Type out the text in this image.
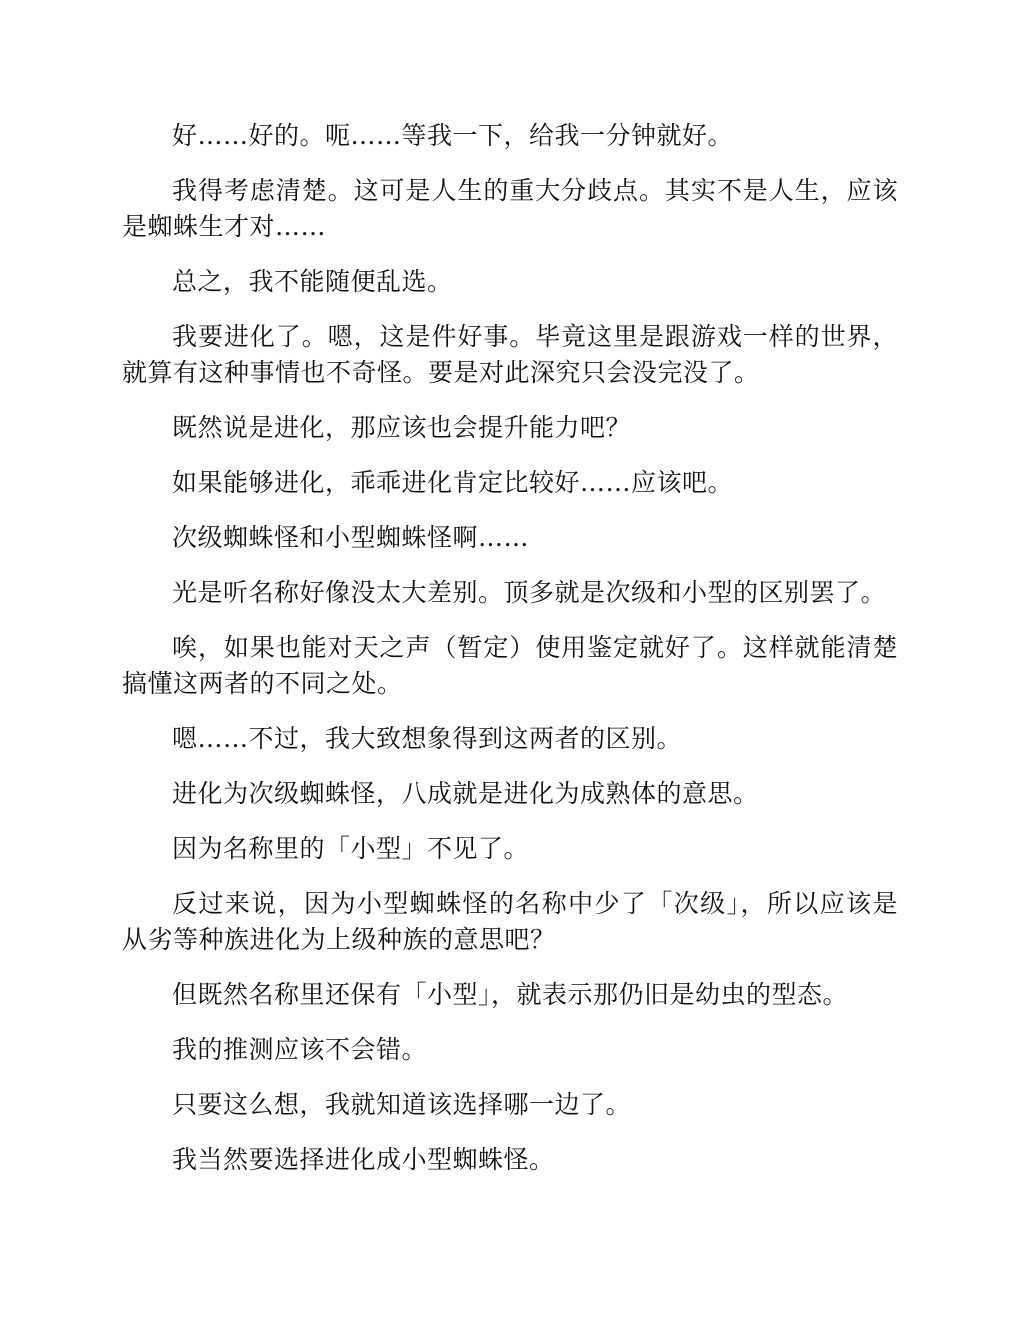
好……好的。呃……等我一下，给我一分钟就好。

我得考虑清楚。这可是人生的重大分歧点。其实不是人生，应该是蜘蛛生才对……

总之，我不能随便乱选。

我要进化了。嗯，这是件好事。毕竟这里是跟游戏一样的世界，就算有这种事情也不奇怪。要是对此深究只会没完没了。

既然说是进化，那应该也会提升能力吧？

如果能够进化，乖乖进化肯定比较好……应该吧。

次级蜘蛛怪和小型蜘蛛怪啊……

光是听名称好像没太大差别。顶多就是次级和小型的区别罢了。

唉，如果也能对天之声（暂定）使用鉴定就好了。这样就能清楚搞懂这两者的不同之处。

嗯……不过，我大致想象得到这两者的区别。

进化为次级蜘蛛怪，八成就是进化为成熟体的意思。

因为名称里的「小型」不见了。

反过来说，因为小型蜘蛛怪的名称中少了「次级」，所以应该是从劣等种族进化为上级种族的意思吧？

但既然名称里还保有「小型」，就表示那仍旧是幼虫的型态。

我的推测应该不会错。

只要这么想，我就知道该选择哪一边了。

我当然要选择进化成小型蜘蛛怪。
